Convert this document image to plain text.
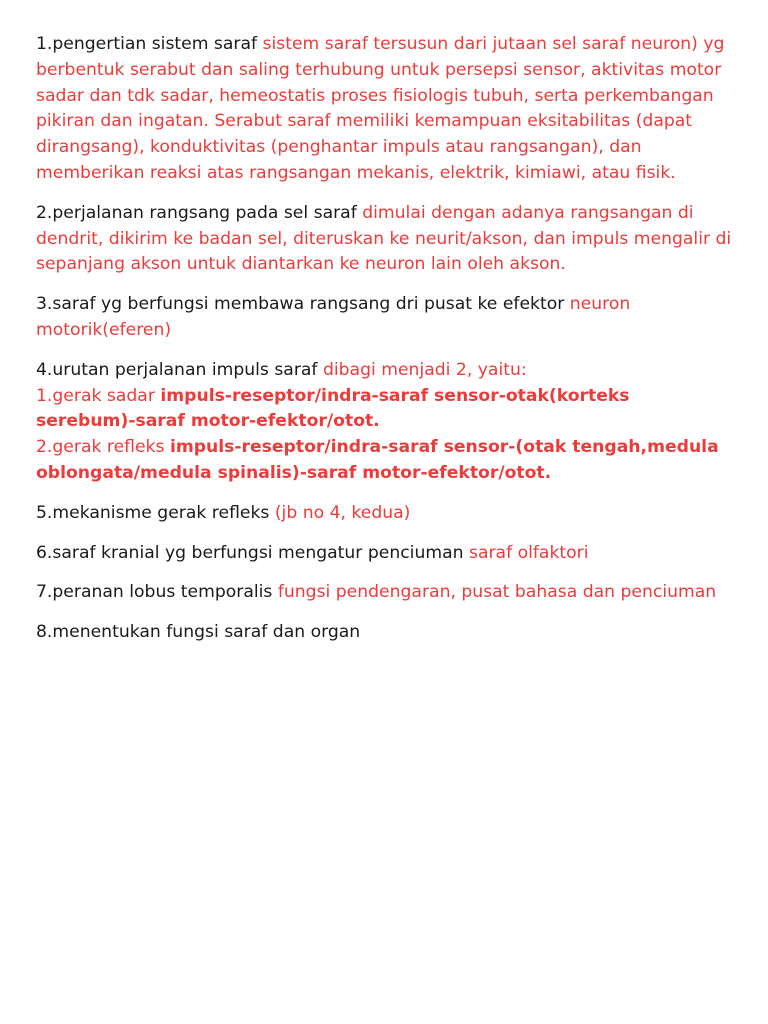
1.pengertian sistem saraf sistem saraf tersusun dari jutaan sel saraf neuron) yg berbentuk serabut dan saling terhubung untuk persepsi sensor, aktivitas motor sadar dan tdk sadar, hemeostatis proses fisiologis tubuh, serta perkembangan pikiran dan ingatan. Serabut saraf memiliki kemampuan eksitabilitas (dapat dirangsang), konduktivitas (penghantar impuls atau rangsangan), dan memberikan reaksi atas rangsangan mekanis, elektrik, kimiawi, atau fisik.

2.perjalanan rangsang pada sel saraf dimulai dengan adanya rangsangan di dendrit, dikirim ke badan sel, diteruskan ke neurit/akson, dan impuls mengalir di sepanjang akson untuk diantarkan ke neuron lain oleh akson.

3.saraf yg berfungsi membawa rangsang dri pusat ke efektor neuron motorik(eferen)

4.urutan perjalanan impuls saraf dibagi menjadi 2, yaitu:
1.gerak sadar impuls-reseptor/indra-saraf sensor-otak(korteks serebum)-saraf motor-efektor/otot.
2.gerak refleks impuls-reseptor/indra-saraf sensor-(otak tengah,medula oblongata/medula spinalis)-saraf motor-efektor/otot.

5.mekanisme gerak refleks (jb no 4, kedua)

6.saraf kranial yg berfungsi mengatur penciuman saraf olfaktori

7.peranan lobus temporalis fungsi pendengaran, pusat bahasa dan penciuman

8.menentukan fungsi saraf dan organ
